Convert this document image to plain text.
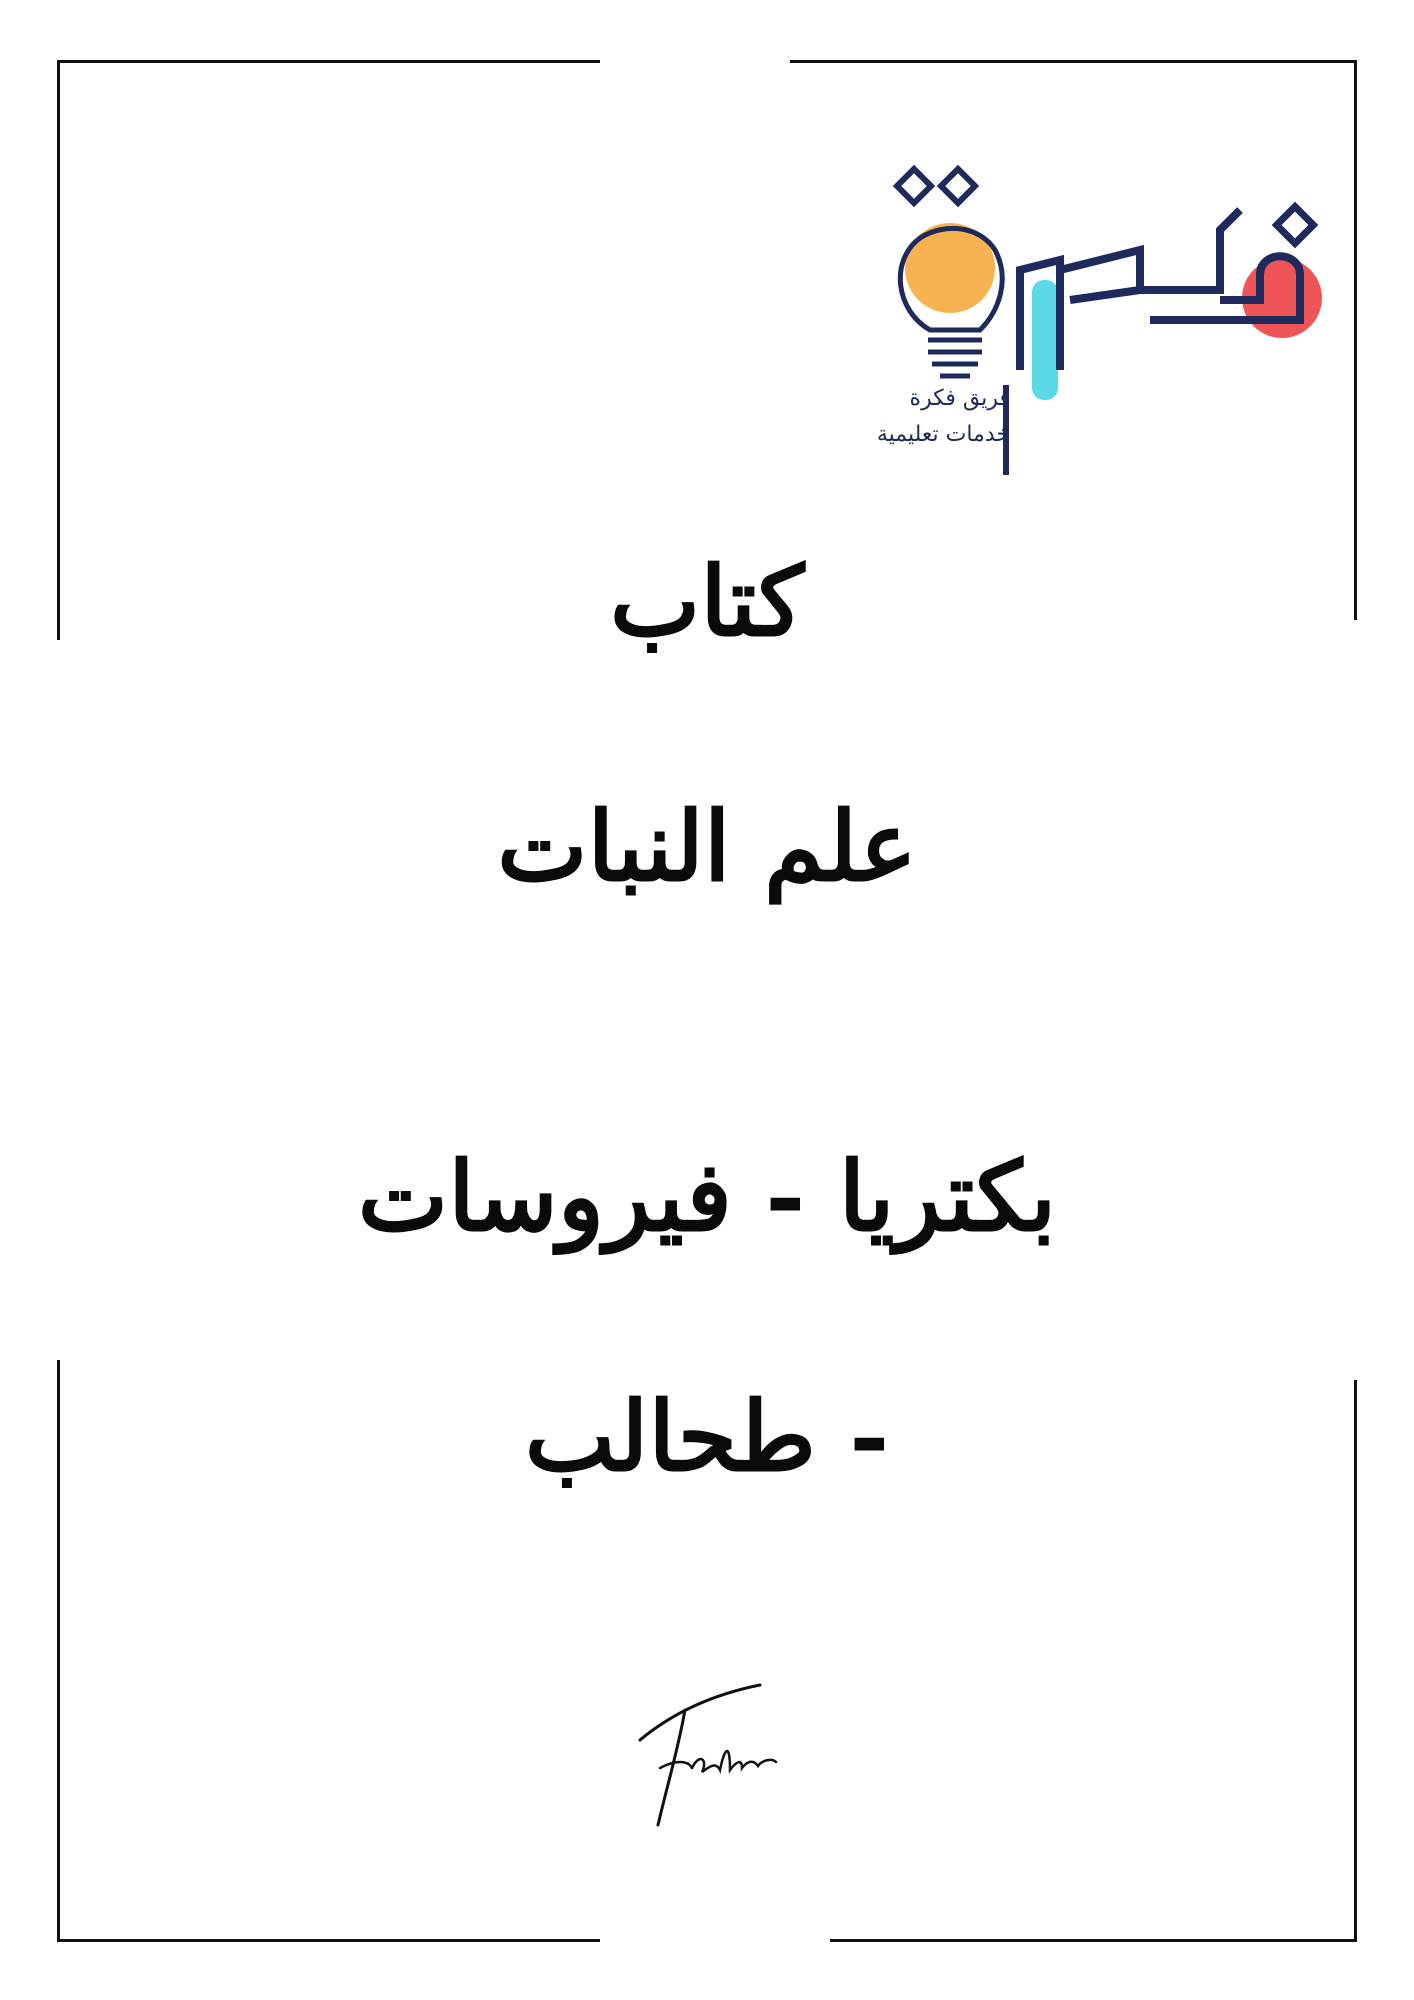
فريق فكرة
خدمات تعليمية
كتاب
علم النبات
بكتريا - فيروسات
- طحالب
